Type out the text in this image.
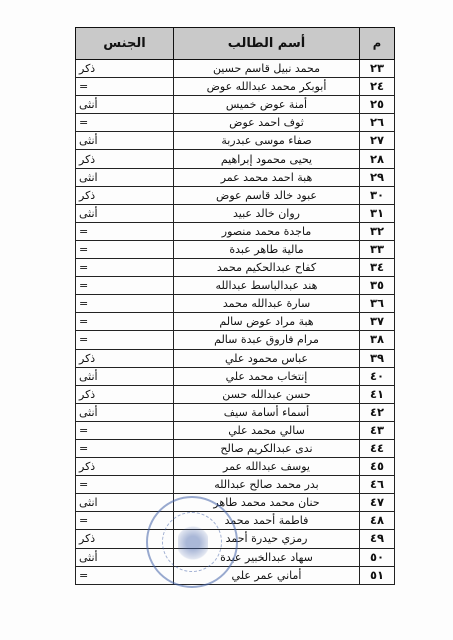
م	أسم الطالب	الجنس
٢٣	محمد نبيل قاسم حسين	ذكر
٢٤	أبوبكر محمد عبدالله عوض	=
٢٥	أمنة عوض خميس	أنثى
٢٦	ثوف احمد عوض	=
٢٧	صفاء موسى عبدربة	أنثى
٢٨	يحيى محمود إبراهيم	ذكر
٢٩	هبة احمد محمد عمر	انثى
٣٠	عبود خالد قاسم عوض	ذكر
٣١	روان خالد عبيد	أنثى
٣٢	ماجدة محمد منصور	=
٣٣	مالية طاهر عبدة	=
٣٤	كفاح عبدالحكيم محمد	=
٣٥	هند عبدالباسط عبدالله	=
٣٦	سارة عبدالله محمد	=
٣٧	هبة مراد عوض سالم	=
٣٨	مرام فاروق عبدة سالم	=
٣٩	عباس محمود علي	ذكر
٤٠	إنتخاب محمد علي	أنثى
٤١	حسن عبدالله حسن	ذكر
٤٢	أسماء أسامة سيف	أنثى
٤٣	سالي محمد علي	=
٤٤	ندى عبدالكريم صالح	=
٤٥	يوسف عبدالله عمر	ذكر
٤٦	بدر محمد صالح عبدالله	=
٤٧	حنان محمد محمد طاهر	انثى
٤٨	فاطمة أحمد محمد	=
٤٩	رمزي حيدرة أحمد	ذكر
٥٠	سهاد عبدالخبير عبدة	أنثى
٥١	أماني عمر علي	=
